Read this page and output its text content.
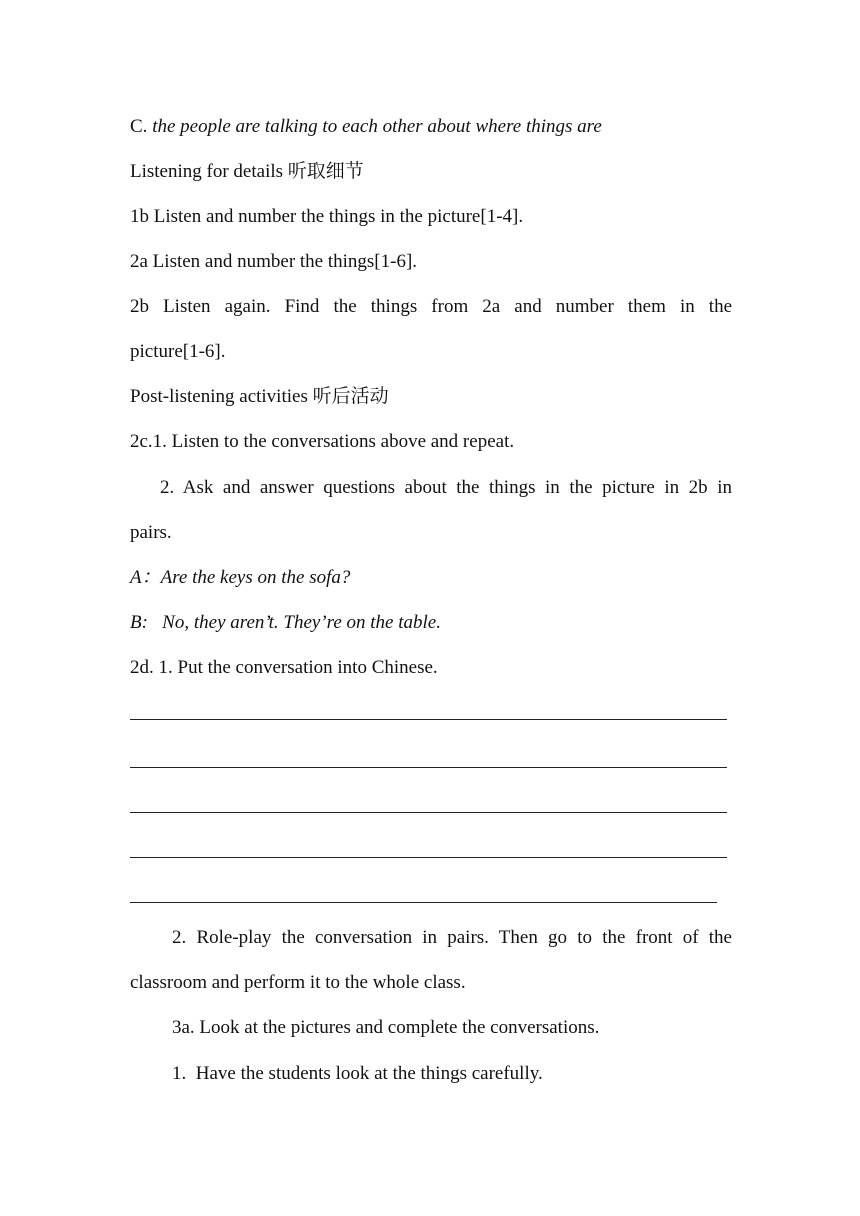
C. the people are talking to each other about where things are
Listening for details 听取细节
1b Listen and number the things in the picture[1-4].
2a Listen and number the things[1-6].
2b Listen again. Find the things from 2a and number them in the
picture[1-6].
Post-listening activities 听后活动
2c.1. Listen to the conversations above and repeat.
2. Ask and answer questions about the things in the picture in 2b in
pairs.
A：Are the keys on the sofa?
B:   No, they aren’t. They’re on the table.
2d. 1. Put the conversation into Chinese.
2. Role-play the conversation in pairs. Then go to the front of the
classroom and perform it to the whole class.
3a. Look at the pictures and complete the conversations.
1.  Have the students look at the things carefully.
